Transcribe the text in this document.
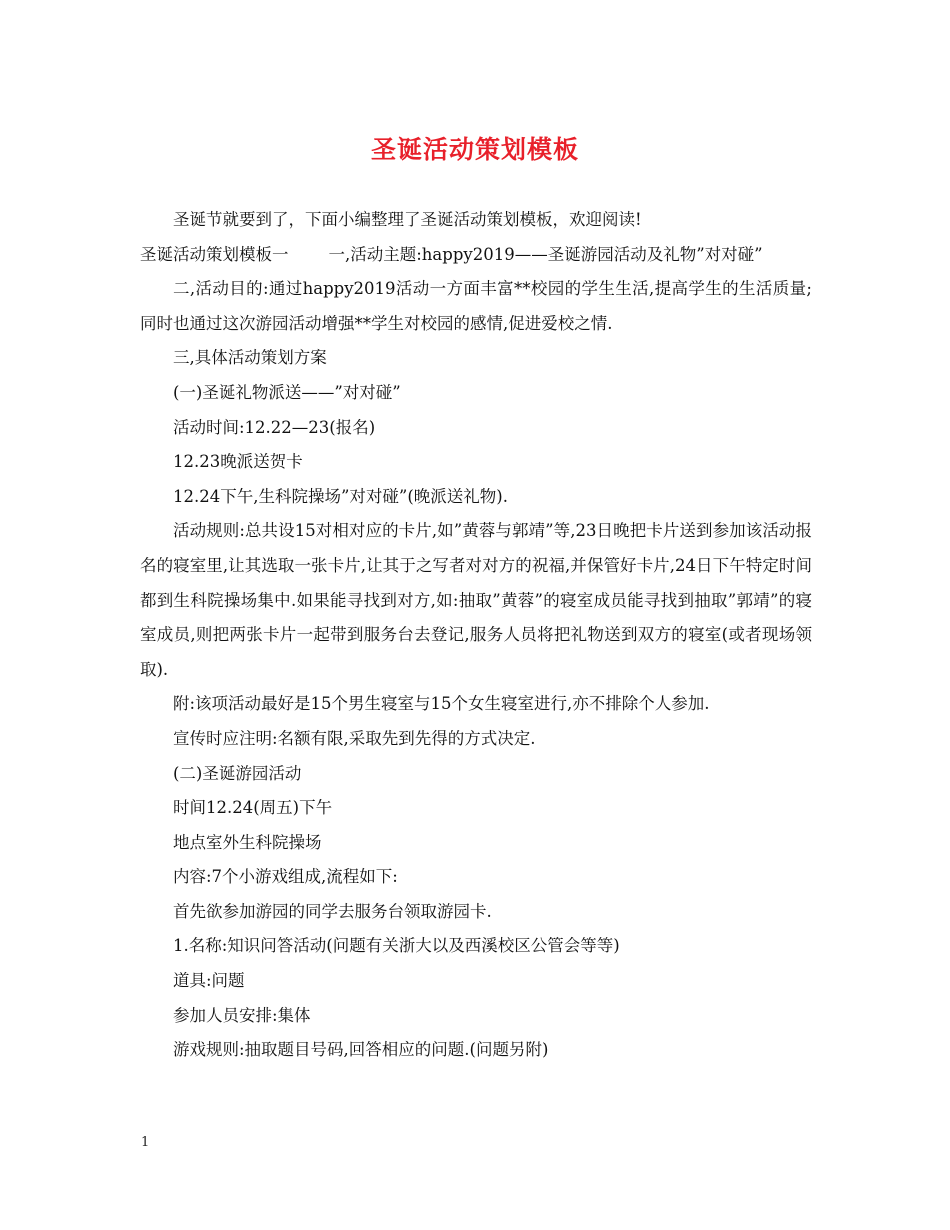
圣诞活动策划模板

圣诞节就要到了，下面小编整理了圣诞活动策划模板，欢迎阅读!

圣诞活动策划模板一 一,活动主题:happy2019——圣诞游园活动及礼物”对对碰”

二,活动目的:通过happy2019活动一方面丰富**校园的学生生活,提高学生的生活质量;同时也通过这次游园活动增强**学生对校园的感情,促进爱校之情.

三,具体活动策划方案

(一)圣诞礼物派送——”对对碰”

活动时间:12.22—23(报名)

12.23晚派送贺卡

12.24下午,生科院操场”对对碰”(晚派送礼物).

活动规则:总共设15对相对应的卡片,如”黄蓉与郭靖”等,23日晚把卡片送到参加该活动报名的寝室里,让其选取一张卡片,让其于之写者对对方的祝福,并保管好卡片,24日下午特定时间都到生科院操场集中.如果能寻找到对方,如:抽取”黄蓉”的寝室成员能寻找到抽取”郭靖”的寝室成员,则把两张卡片一起带到服务台去登记,服务人员将把礼物送到双方的寝室(或者现场领取).

附:该项活动最好是15个男生寝室与15个女生寝室进行,亦不排除个人参加.

宣传时应注明:名额有限,采取先到先得的方式决定.

(二)圣诞游园活动

时间12.24(周五)下午

地点室外生科院操场

内容:7个小游戏组成,流程如下:

首先欲参加游园的同学去服务台领取游园卡.

1.名称:知识问答活动(问题有关浙大以及西溪校区公管会等等)

道具:问题

参加人员安排:集体

游戏规则:抽取题目号码,回答相应的问题.(问题另附)

1
